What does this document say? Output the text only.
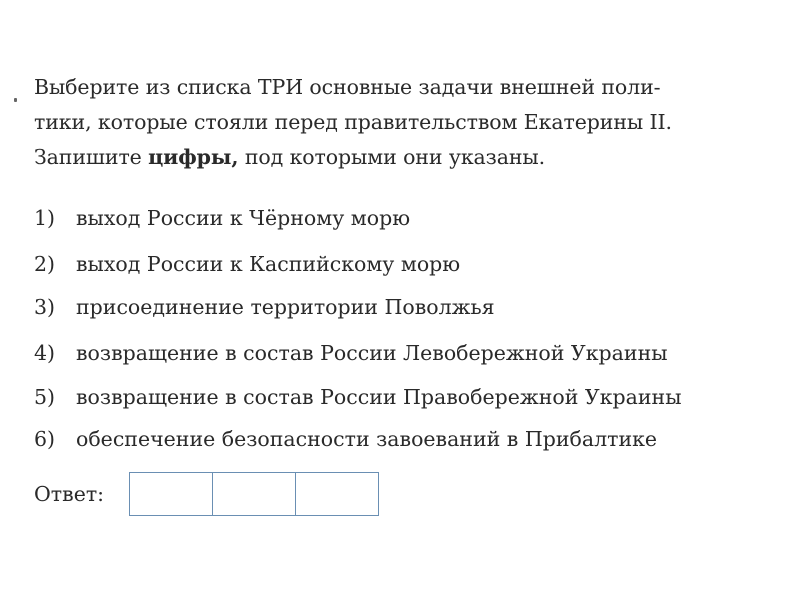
Выберите из списка ТРИ основные задачи внешней поли-
тики, которые стояли перед правительством Екатерины II.
Запишите цифры, под которыми они указаны.
1) выход России к Чёрному морю
2) выход России к Каспийскому морю
3) присоединение территории Поволжья
4) возвращение в состав России Левобережной Украины
5) возвращение в состав России Правобережной Украины
6) обеспечение безопасности завоеваний в Прибалтике
Ответ:
